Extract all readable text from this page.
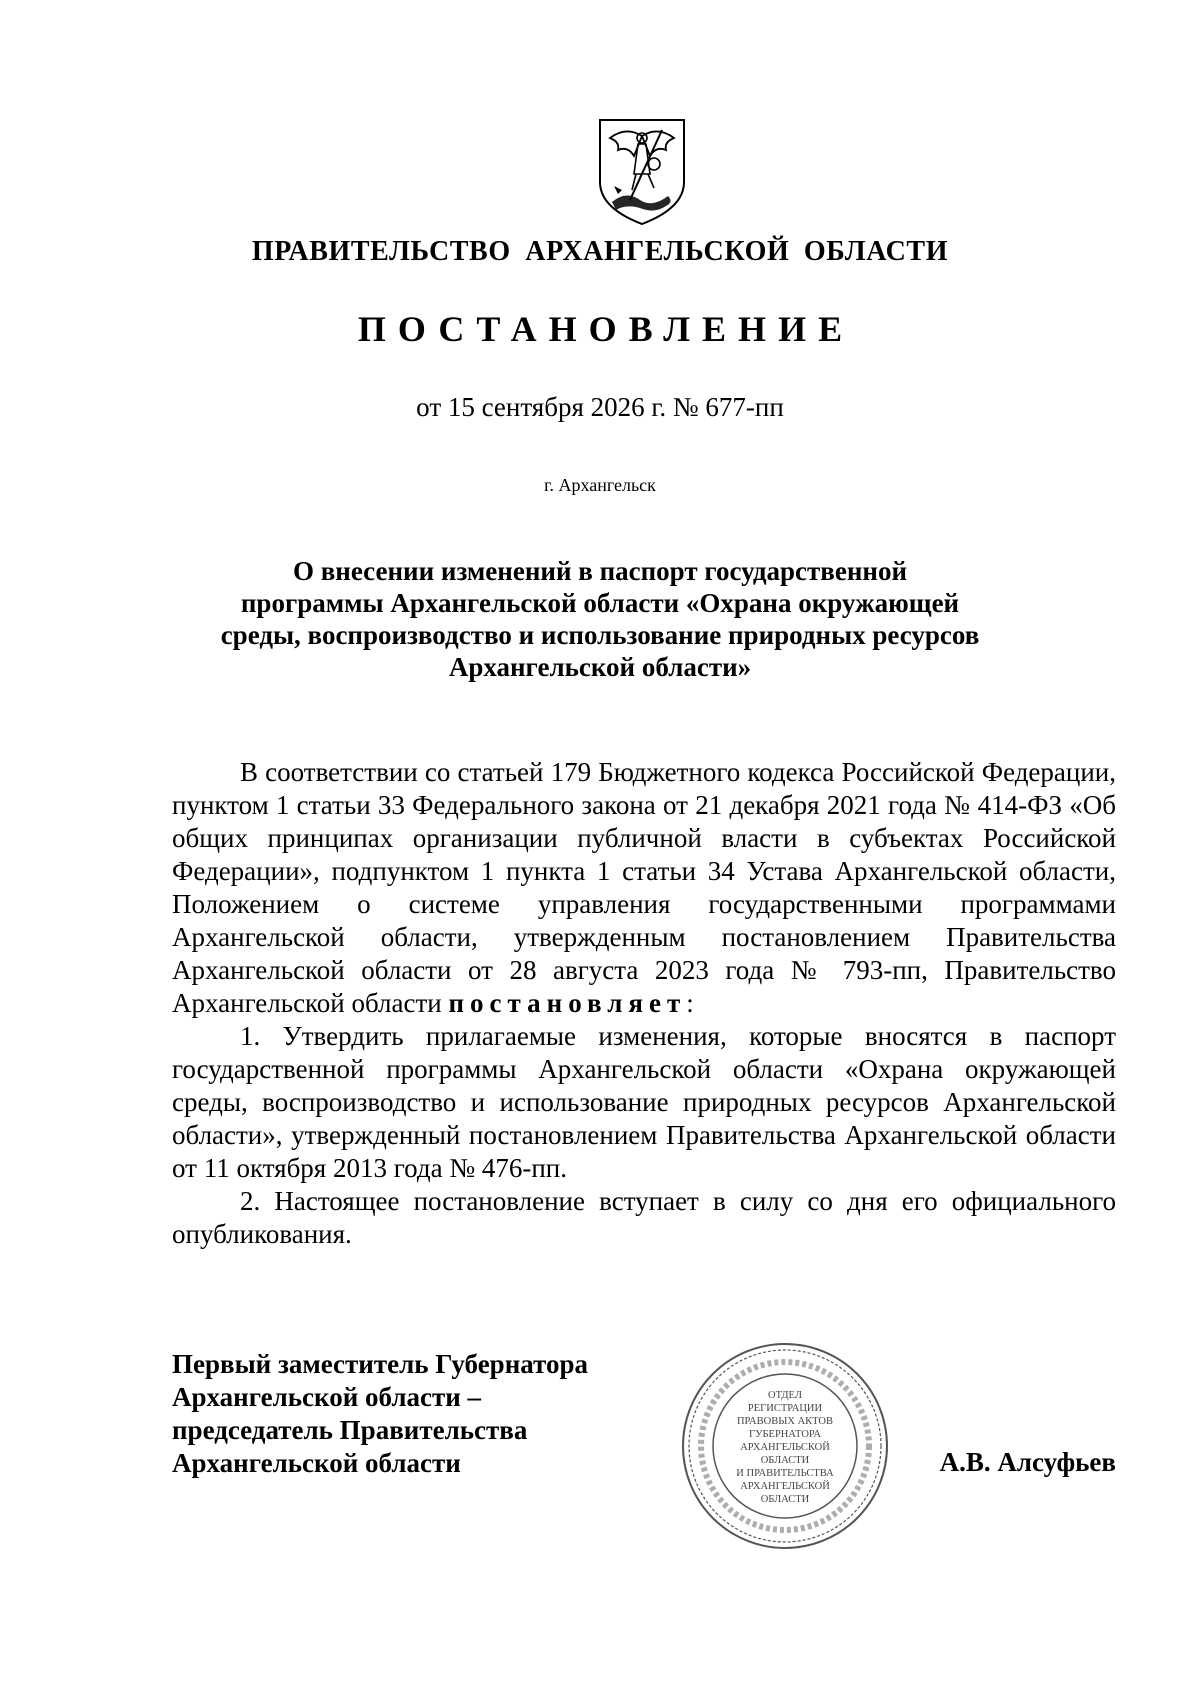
ПРАВИТЕЛЬСТВО АРХАНГЕЛЬСКОЙ ОБЛАСТИ
ПОСТАНОВЛЕНИЕ
от 15 сентября 2026 г. № 677-пп
г. Архангельск
О внесении изменений в паспорт государственной
программы Архангельской области «Охрана окружающей
среды, воспроизводство и использование природных ресурсов
Архангельской области»

В соответствии со статьей 179 Бюджетного кодекса Российской Федерации, пунктом 1 статьи 33 Федерального закона от 21 декабря 2021 года № 414-ФЗ «Об общих принципах организации публичной власти в субъектах Российской Федерации», подпунктом 1 пункта 1 статьи 34 Устава Архангельской области, Положением о системе управления государственными программами Архангельской области, утвержденным постановлением Правительства Архангельской области от 28 августа 2023 года № 793-пп, Правительство Архангельской области постановляет:

1. Утвердить прилагаемые изменения, которые вносятся в паспорт государственной программы Архангельской области «Охрана окружающей среды, воспроизводство и использование природных ресурсов Архангельской области», утвержденный постановлением Правительства Архангельской области от 11 октября 2013 года № 476-пп.

2. Настоящее постановление вступает в силу со дня его официального опубликования.

Первый заместитель Губернатора
Архангельской области –
председатель Правительства
Архангельской области
ОТДЕЛ
РЕГИСТРАЦИИ
ПРАВОВЫХ АКТОВ
ГУБЕРНАТОРА
АРХАНГЕЛЬСКОЙ
ОБЛАСТИ
И ПРАВИТЕЛЬСТВА
АРХАНГЕЛЬСКОЙ
ОБЛАСТИ
А.В. Алсуфьев
